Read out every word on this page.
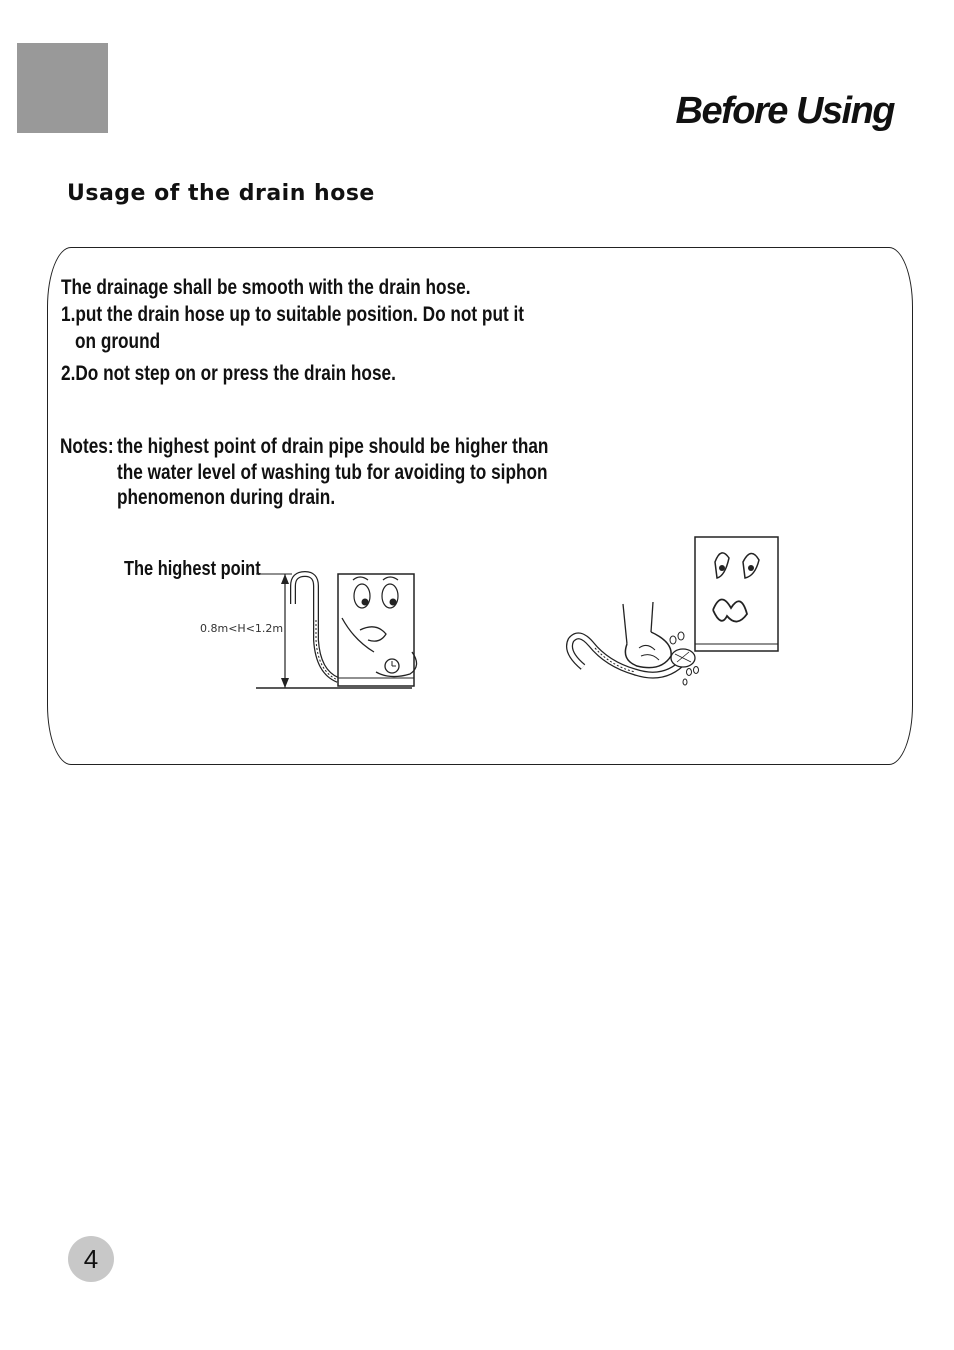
Before Using
Usage of the drain hose
The drainage shall be smooth with the drain hose.
1.put the drain hose up to suitable position. Do not put it
on ground
2.Do not step on or press the drain hose.
Notes: the highest point of drain pipe should be higher than
the water level of washing tub for avoiding to siphon
phenomenon during drain.
The highest point
0.8m<H<1.2m
4
